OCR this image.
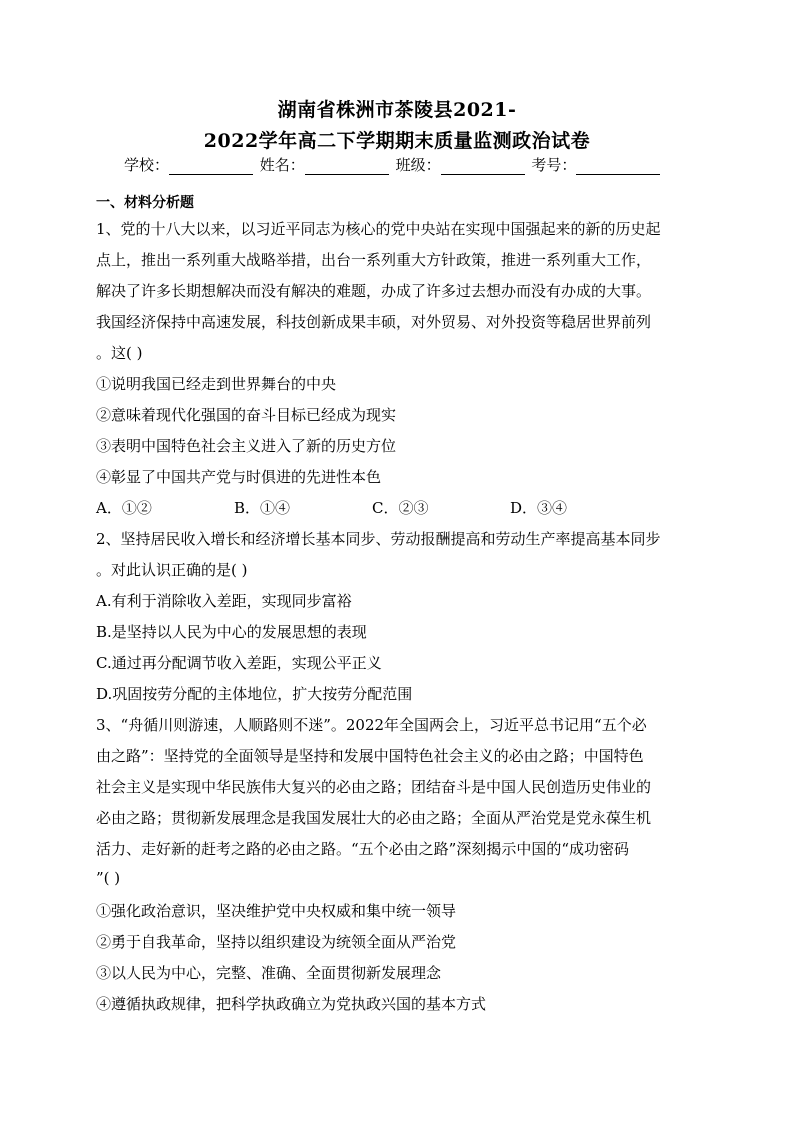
湖南省株洲市茶陵县2021-
2022学年高二下学期期末质量监测政治试卷
学校：	姓名：	班级：	考号：
一、材料分析题
1、党的十八大以来，以习近平同志为核心的党中央站在实现中国强起来的新的历史起
点上，推出一系列重大战略举措，出台一系列重大方针政策，推进一系列重大工作，
解决了许多长期想解决而没有解决的难题，办成了许多过去想办而没有办成的大事。
我国经济保持中高速发展，科技创新成果丰硕，对外贸易、对外投资等稳居世界前列
。这( )
①说明我国已经走到世界舞台的中央
②意味着现代化强国的奋斗目标已经成为现实
③表明中国特色社会主义进入了新的历史方位
④彰显了中国共产党与时俱进的先进性本色
A．①②	B．①④	C．②③	D．③④
2、坚持居民收入增长和经济增长基本同步、劳动报酬提高和劳动生产率提高基本同步
。对此认识正确的是( )
A.有利于消除收入差距，实现同步富裕
B.是坚持以人民为中心的发展思想的表现
C.通过再分配调节收入差距，实现公平正义
D.巩固按劳分配的主体地位，扩大按劳分配范围
3、“舟循川则游速，人顺路则不迷”。2022年全国两会上，习近平总书记用“五个必
由之路”：坚持党的全面领导是坚持和发展中国特色社会主义的必由之路；中国特色
社会主义是实现中华民族伟大复兴的必由之路；团结奋斗是中国人民创造历史伟业的
必由之路；贯彻新发展理念是我国发展壮大的必由之路；全面从严治党是党永葆生机
活力、走好新的赶考之路的必由之路。“五个必由之路”深刻揭示中国的“成功密码
”( )
①强化政治意识，坚决维护党中央权威和集中统一领导
②勇于自我革命，坚持以组织建设为统领全面从严治党
③以人民为中心，完整、准确、全面贯彻新发展理念
④遵循执政规律，把科学执政确立为党执政兴国的基本方式
